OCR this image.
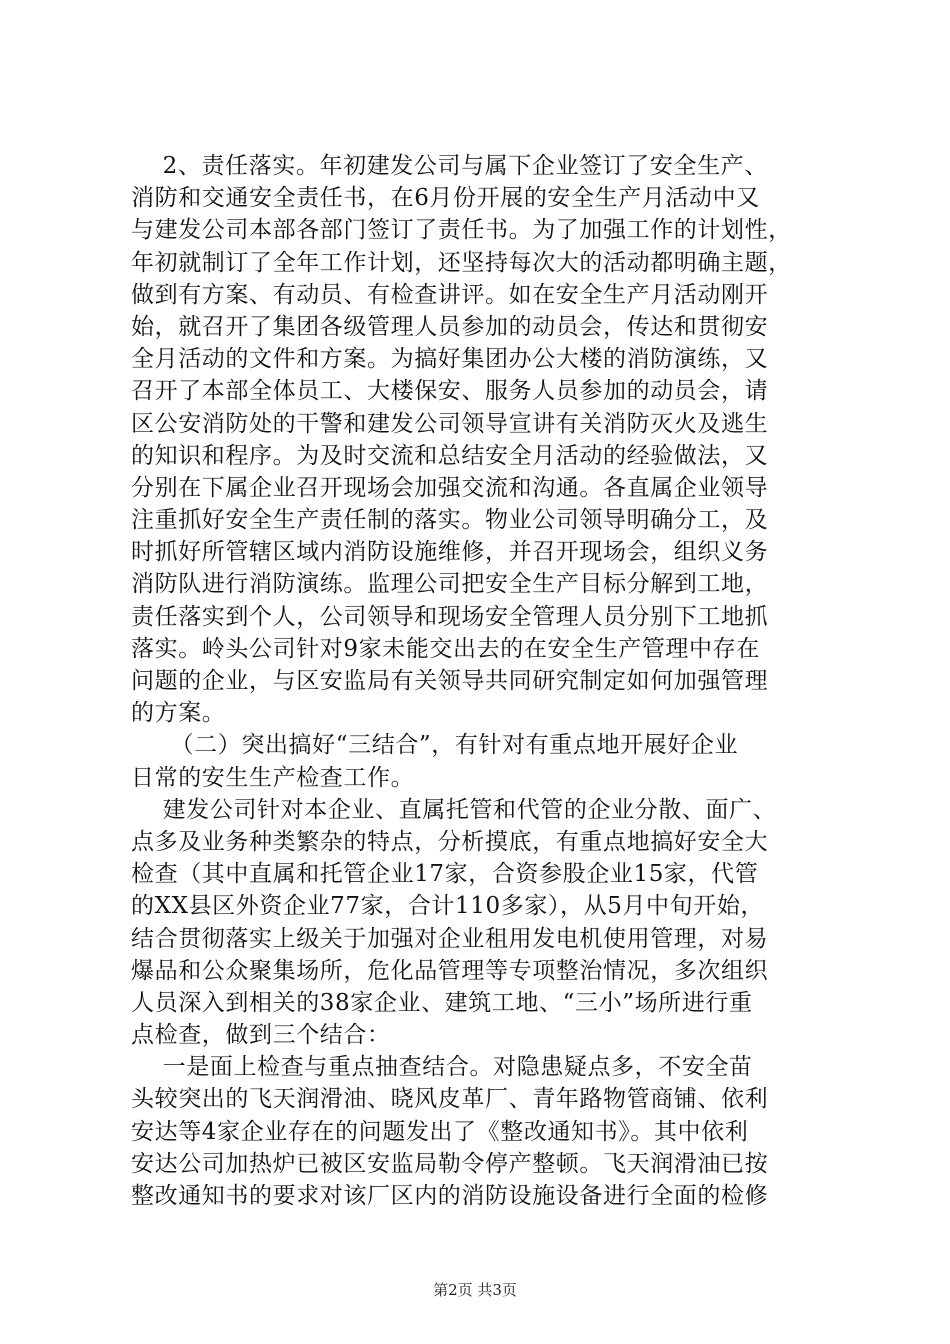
2、责任落实。年初建发公司与属下企业签订了安全生产、
消防和交通安全责任书，在6月份开展的安全生产月活动中又
与建发公司本部各部门签订了责任书。为了加强工作的计划性，
年初就制订了全年工作计划，还坚持每次大的活动都明确主题，
做到有方案、有动员、有检查讲评。如在安全生产月活动刚开
始，就召开了集团各级管理人员参加的动员会，传达和贯彻安
全月活动的文件和方案。为搞好集团办公大楼的消防演练，又
召开了本部全体员工、大楼保安、服务人员参加的动员会，请
区公安消防处的干警和建发公司领导宣讲有关消防灭火及逃生
的知识和程序。为及时交流和总结安全月活动的经验做法，又
分别在下属企业召开现场会加强交流和沟通。各直属企业领导
注重抓好安全生产责任制的落实。物业公司领导明确分工，及
时抓好所管辖区域内消防设施维修，并召开现场会，组织义务
消防队进行消防演练。监理公司把安全生产目标分解到工地，
责任落实到个人，公司领导和现场安全管理人员分别下工地抓
落实。岭头公司针对9家未能交出去的在安全生产管理中存在
问题的企业，与区安监局有关领导共同研究制定如何加强管理
的方案。
（二）突出搞好“三结合”，有针对有重点地开展好企业
日常的安生生产检查工作。
建发公司针对本企业、直属托管和代管的企业分散、面广、
点多及业务种类繁杂的特点，分析摸底，有重点地搞好安全大
检查（其中直属和托管企业17家，合资参股企业15家，代管
的XX县区外资企业77家，合计110多家），从5月中旬开始，
结合贯彻落实上级关于加强对企业租用发电机使用管理，对易
爆品和公众聚集场所，危化品管理等专项整治情况，多次组织
人员深入到相关的38家企业、建筑工地、“三小”场所进行重
点检查，做到三个结合：
一是面上检查与重点抽查结合。对隐患疑点多，不安全苗
头较突出的飞天润滑油、晓风皮革厂、青年路物管商铺、依利
安达等4家企业存在的问题发出了《整改通知书》。其中依利
安达公司加热炉已被区安监局勒令停产整顿。飞天润滑油已按
整改通知书的要求对该厂区内的消防设施设备进行全面的检修
第2页 共3页
